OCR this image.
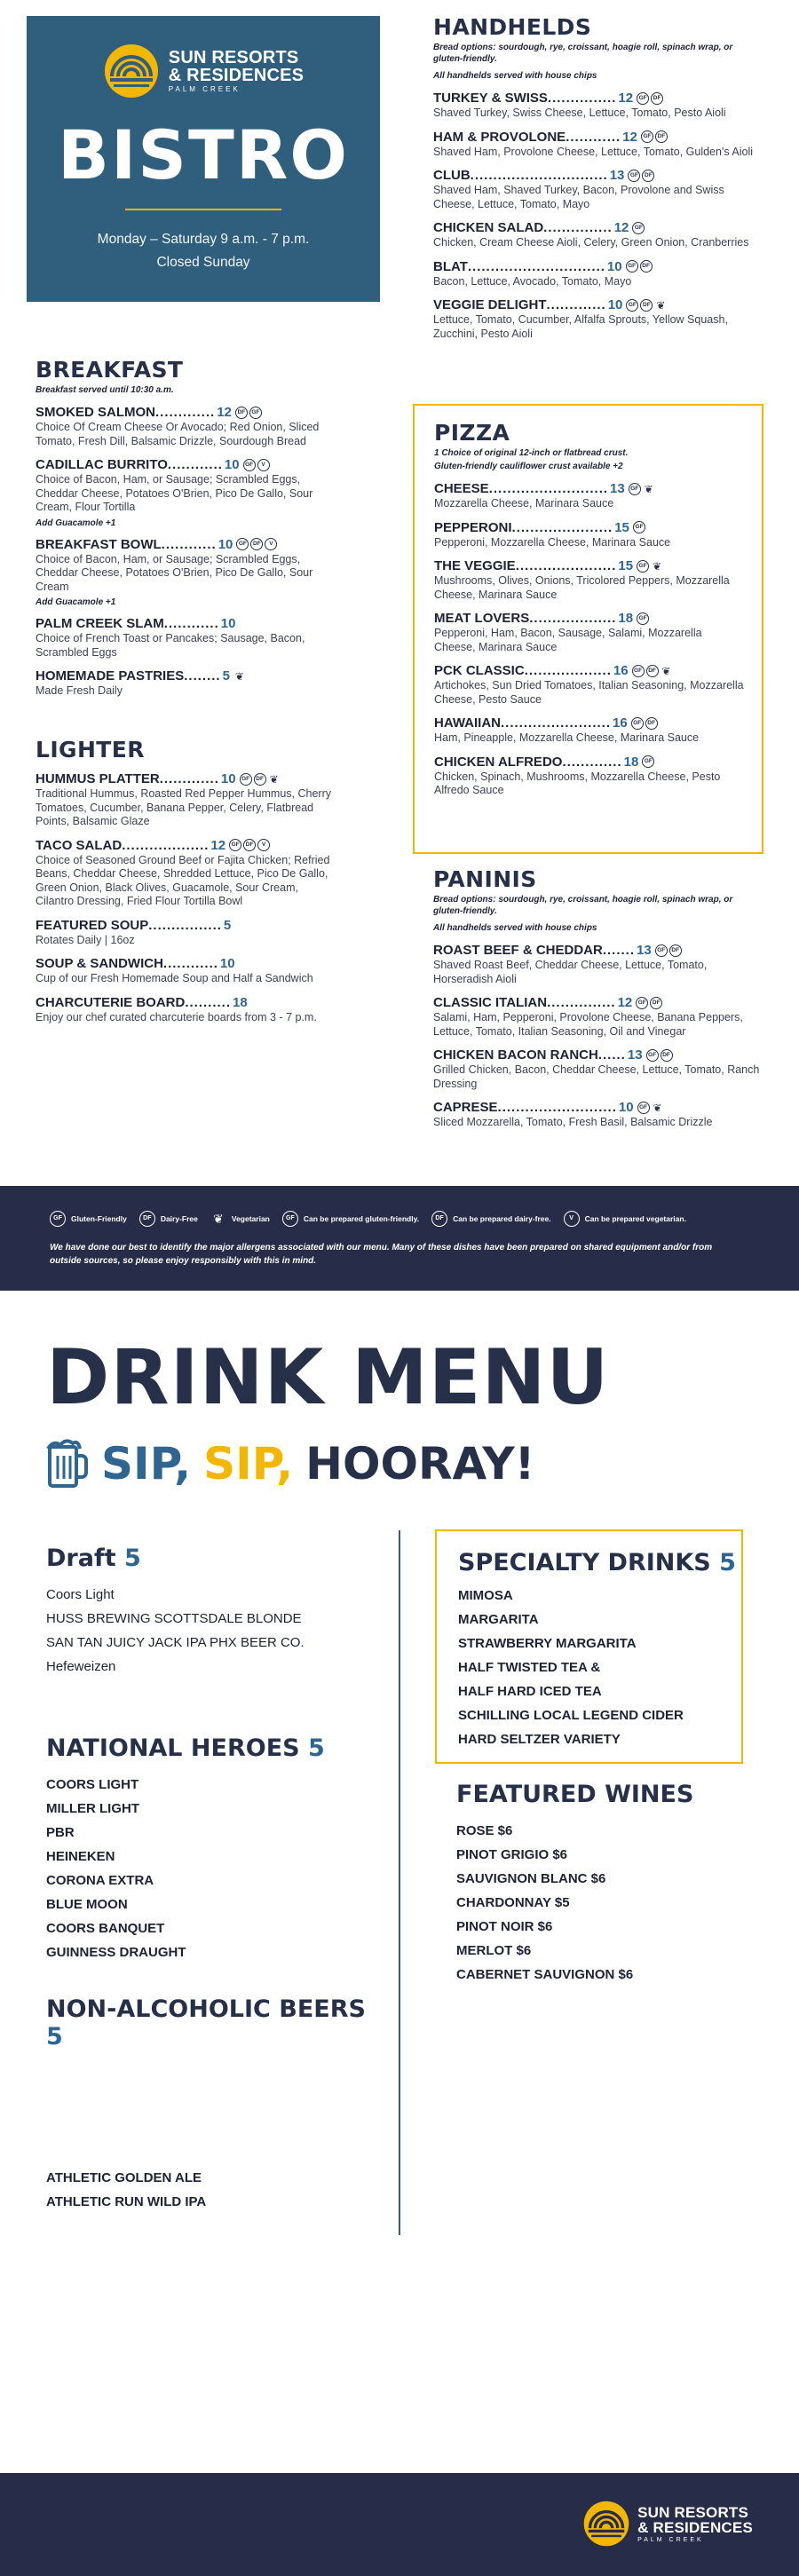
SUN RESORTS
& RESIDENCES
PALM CREEK
BISTRO
Monday – Saturday 9 a.m. - 7 p.m.
Closed Sunday
BREAKFAST
Breakfast served until 10:30 a.m.
SMOKED SALMON ............. 12	DF	GF
Choice Of Cream Cheese Or Avocado; Red Onion, Sliced Tomato, Fresh Dill, Balsamic Drizzle, Sourdough Bread
CADILLAC BURRITO ............ 10 GF	V
Choice of Bacon, Ham, or Sausage; Scrambled Eggs, Cheddar Cheese, Potatoes O'Brien, Pico De Gallo, Sour Cream, Flour Tortilla
Add Guacamole +1
BREAKFAST BOWL ............ 10 GF	DF	V
Choice of Bacon, Ham, or Sausage; Scrambled Eggs, Cheddar Cheese, Potatoes O'Brien, Pico De Gallo, Sour Cream
Add Guacamole +1
PALM CREEK SLAM ............ 10
Choice of French Toast or Pancakes; Sausage, Bacon, Scrambled Eggs
HOMEMADE PASTRIES ........ 5 ❦
Made Fresh Daily
LIGHTER
HUMMUS PLATTER ............. 10 GF	DF ❦
Traditional Hummus, Roasted Red Pepper Hummus, Cherry Tomatoes, Cucumber, Banana Pepper, Celery, Flatbread Points, Balsamic Glaze
TACO SALAD ................... 12 GF	DF	V
Choice of Seasoned Ground Beef or Fajita Chicken; Refried Beans, Cheddar Cheese, Shredded Lettuce, Pico De Gallo, Green Onion, Black Olives, Guacamole, Sour Cream, Cilantro Dressing, Fried Flour Tortilla Bowl
FEATURED SOUP ................ 5
Rotates Daily | 16oz
SOUP & SANDWICH ............ 10
Cup of our Fresh Homemade Soup and Half a Sandwich
CHARCUTERIE BOARD .......... 18
Enjoy our chef curated charcuterie boards from 3 - 7 p.m.
HANDHELDS
Bread options: sourdough, rye, croissant, hoagie roll, spinach wrap, or gluten-friendly.
All handhelds served with house chips
TURKEY & SWISS ............... 12 GF	DF
Shaved Turkey, Swiss Cheese, Lettuce, Tomato, Pesto Aioli
HAM & PROVOLONE ............ 12 GF	DF
Shaved Ham, Provolone Cheese, Lettuce, Tomato, Gulden's Aioli
CLUB .............................. 13 GF	DF
Shaved Ham, Shaved Turkey, Bacon, Provolone and Swiss Cheese, Lettuce, Tomato, Mayo
CHICKEN SALAD ............... 12 GF
Chicken, Cream Cheese Aioli, Celery, Green Onion, Cranberries
BLAT .............................. 10 GF	DF
Bacon, Lettuce, Avocado, Tomato, Mayo
VEGGIE DELIGHT ............. 10 GF	DF ❦
Lettuce, Tomato, Cucumber, Alfalfa Sprouts, Yellow Squash, Zucchini, Pesto Aioli
PIZZA
1 Choice of original 12-inch or flatbread crust.
Gluten-friendly cauliflower crust available +2
CHEESE .......................... 13 GF ❦
Mozzarella Cheese, Marinara Sauce
PEPPERONI ...................... 15 GF
Pepperoni, Mozzarella Cheese, Marinara Sauce
THE VEGGIE ...................... 15 GF ❦
Mushrooms, Olives, Onions, Tricolored Peppers, Mozzarella Cheese, Marinara Sauce
MEAT LOVERS ................... 18 GF
Pepperoni, Ham, Bacon, Sausage, Salami, Mozzarella Cheese, Marinara Sauce
PCK CLASSIC ................... 16 GF	DF ❦
Artichokes, Sun Dried Tomatoes, Italian Seasoning, Mozzarella Cheese, Pesto Sauce
HAWAIIAN ........................ 16 GF	DF
Ham, Pineapple, Mozzarella Cheese, Marinara Sauce
CHICKEN ALFREDO ............. 18 GF
Chicken, Spinach, Mushrooms, Mozzarella Cheese, Pesto Alfredo Sauce
PANINIS
Bread options: sourdough, rye, croissant, hoagie roll, spinach wrap, or gluten-friendly.
All handhelds served with house chips
ROAST BEEF & CHEDDAR ....... 13 GF	DF
Shaved Roast Beef, Cheddar Cheese, Lettuce, Tomato, Horseradish Aioli
CLASSIC ITALIAN ............... 12 GF	DF
Salami, Ham, Pepperoni, Provolone Cheese, Banana Peppers, Lettuce, Tomato, Italian Seasoning, Oil and Vinegar
CHICKEN BACON RANCH ...... 13 GF	DF
Grilled Chicken, Bacon, Cheddar Cheese, Lettuce, Tomato, Ranch Dressing
CAPRESE .......................... 10 GF ❦
Sliced Mozzarella, Tomato, Fresh Basil, Balsamic Drizzle
GF	Gluten-Friendly	DF	Dairy-Free ❦	Vegetarian	GF	Can be prepared gluten-friendly.	DF	Can be prepared dairy-free.	V	Can be prepared vegetarian.
We have done our best to identify the major allergens associated with our menu. Many of these dishes have been prepared on shared equipment and/or from outside sources, so please enjoy responsibly with this in mind.
DRINK MENU
SIP, SIP, HOORAY!
Draft 5
Coors Light
HUSS BREWING SCOTTSDALE BLONDE
SAN TAN JUICY JACK IPA PHX BEER CO.
Hefeweizen
NATIONAL HEROES 5
COORS LIGHT
MILLER LIGHT
PBR
HEINEKEN
CORONA EXTRA
BLUE MOON
COORS BANQUET
GUINNESS DRAUGHT
NON-ALCOHOLIC BEERS 5
ATHLETIC GOLDEN ALE
ATHLETIC RUN WILD IPA
SPECIALTY DRINKS 5
MIMOSA
MARGARITA
STRAWBERRY MARGARITA
HALF TWISTED TEA &
HALF HARD ICED TEA
SCHILLING LOCAL LEGEND CIDER
HARD SELTZER VARIETY
FEATURED WINES
ROSE $6
PINOT GRIGIO $6
SAUVIGNON BLANC $6
CHARDONNAY $5
PINOT NOIR $6
MERLOT $6
CABERNET SAUVIGNON $6
SUN RESORTS
& RESIDENCES
PALM CREEK
